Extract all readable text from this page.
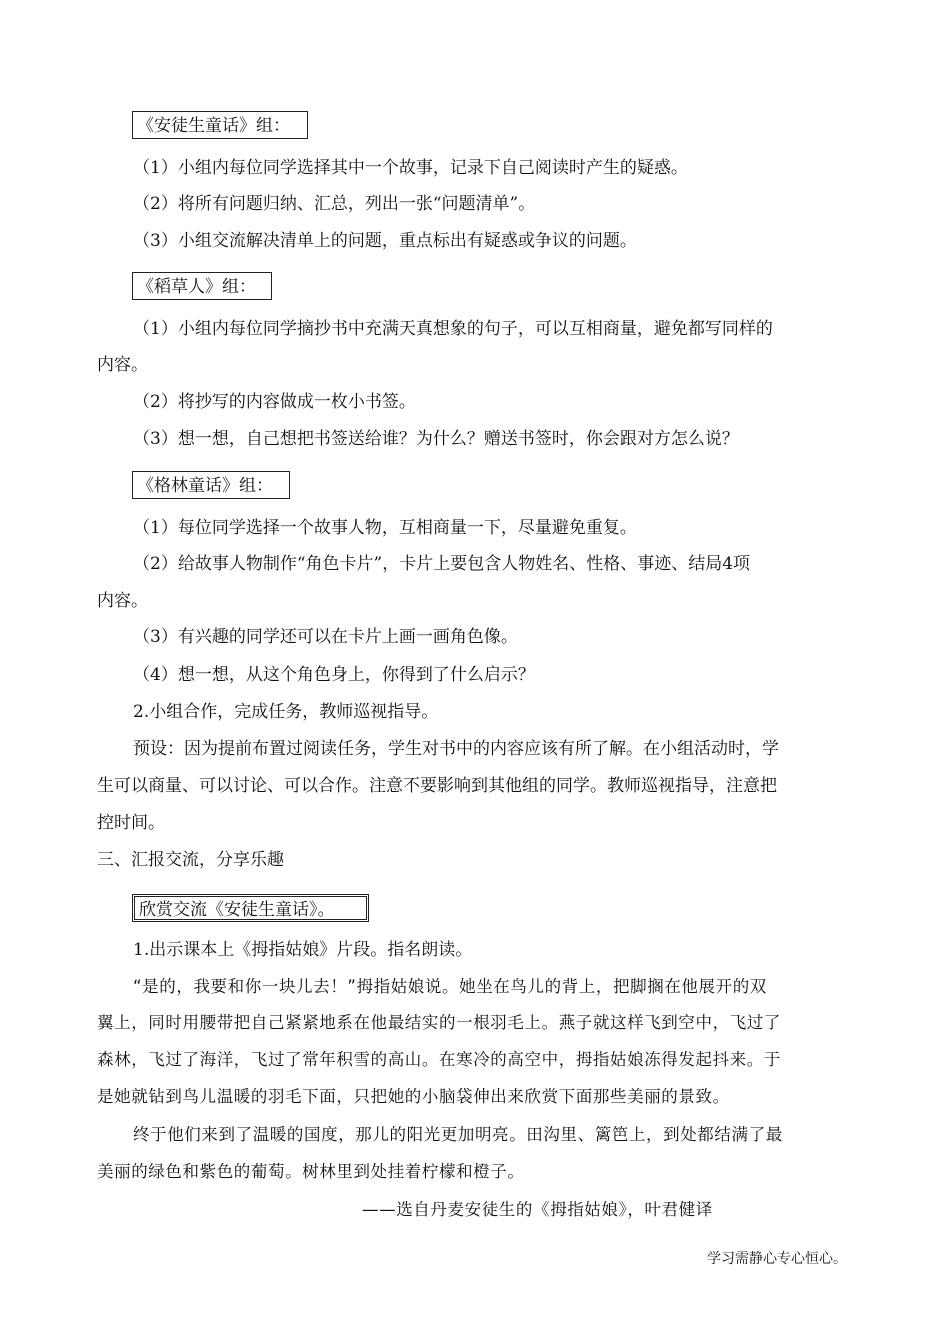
《安徒生童话》组：
（1）小组内每位同学选择其中一个故事，记录下自己阅读时产生的疑惑。
（2）将所有问题归纳、汇总，列出一张“问题清单”。
（3）小组交流解决清单上的问题，重点标出有疑惑或争议的问题。
《稻草人》组：
（1）小组内每位同学摘抄书中充满天真想象的句子，可以互相商量，避免都写同样的
内容。
（2）将抄写的内容做成一枚小书签。
（3）想一想，自己想把书签送给谁？为什么？赠送书签时，你会跟对方怎么说？
《格林童话》组：
（1）每位同学选择一个故事人物，互相商量一下，尽量避免重复。
（2）给故事人物制作“角色卡片”，卡片上要包含人物姓名、性格、事迹、结局4项
内容。
（3）有兴趣的同学还可以在卡片上画一画角色像。
（4）想一想，从这个角色身上，你得到了什么启示？
2.小组合作，完成任务，教师巡视指导。
预设：因为提前布置过阅读任务，学生对书中的内容应该有所了解。在小组活动时，学
生可以商量、可以讨论、可以合作。注意不要影响到其他组的同学。教师巡视指导，注意把
控时间。
三、汇报交流，分享乐趣
欣赏交流《安徒生童话》。
1.出示课本上《拇指姑娘》片段。指名朗读。
“是的，我要和你一块儿去！”拇指姑娘说。她坐在鸟儿的背上，把脚搁在他展开的双
翼上，同时用腰带把自己紧紧地系在他最结实的一根羽毛上。燕子就这样飞到空中，飞过了
森林，飞过了海洋，飞过了常年积雪的高山。在寒冷的高空中，拇指姑娘冻得发起抖来。于
是她就钻到鸟儿温暖的羽毛下面，只把她的小脑袋伸出来欣赏下面那些美丽的景致。
终于他们来到了温暖的国度，那儿的阳光更加明亮。田沟里、篱笆上，到处都结满了最
美丽的绿色和紫色的葡萄。树林里到处挂着柠檬和橙子。
——选自丹麦安徒生的《拇指姑娘》，叶君健译
学习需静心专心恒心。
